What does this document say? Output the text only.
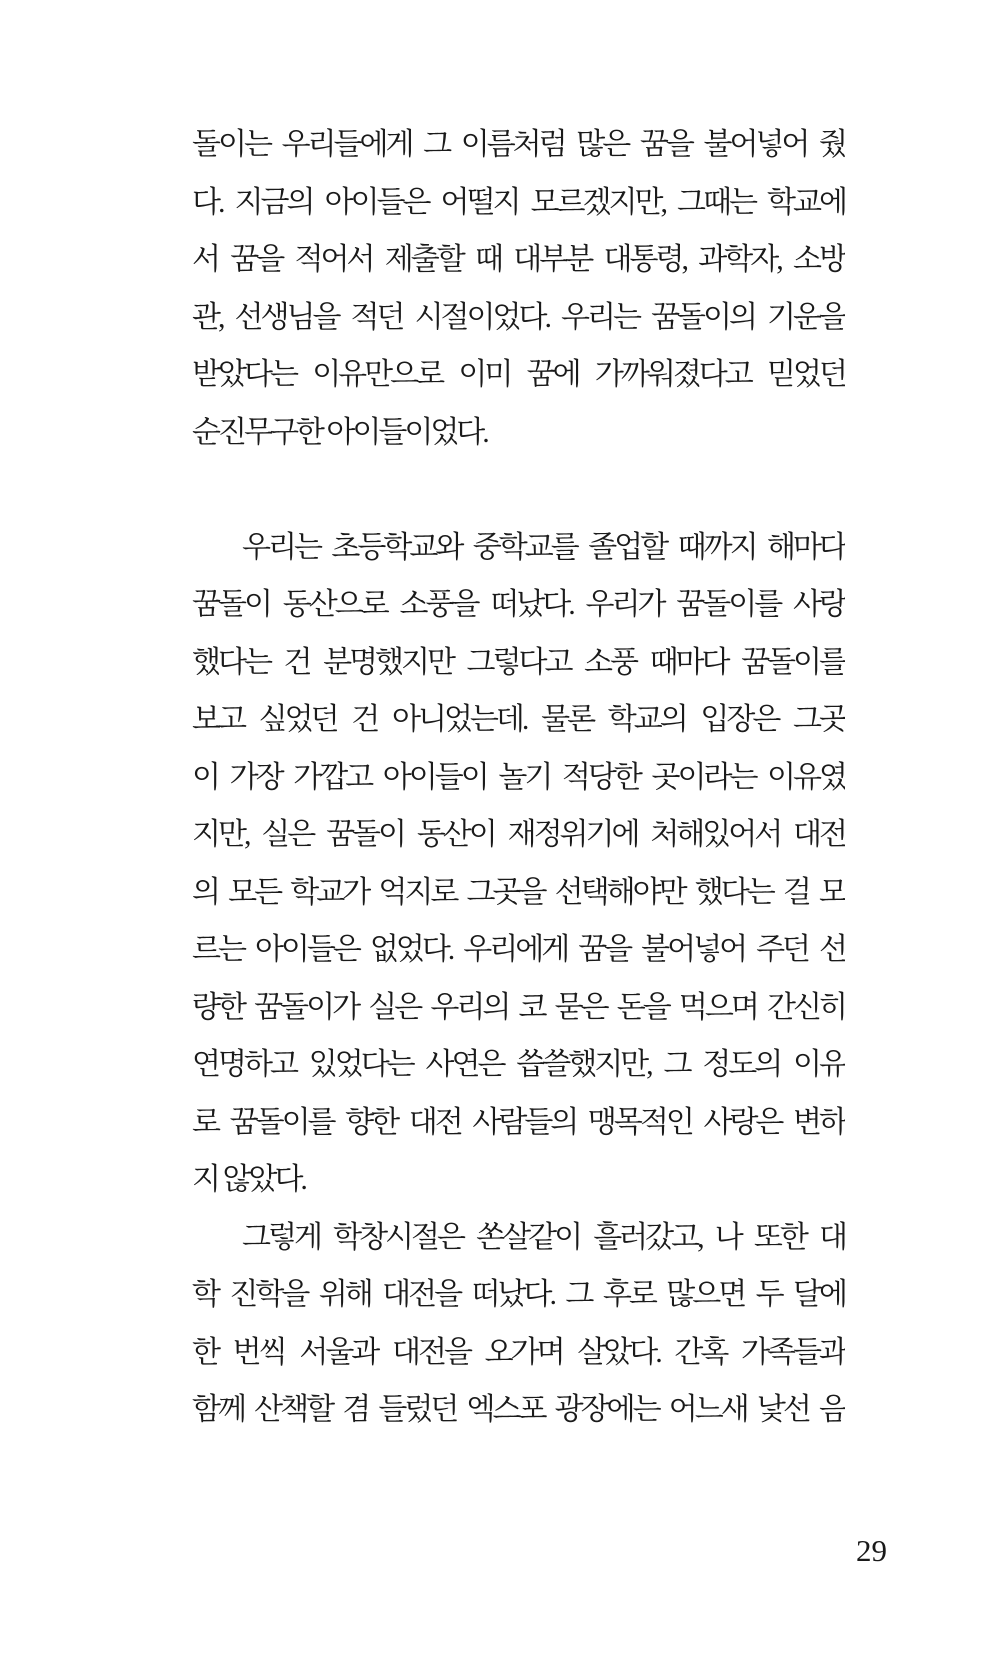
돌이는 우리들에게 그 이름처럼 많은 꿈을 불어넣어 줬
다. 지금의 아이들은 어떨지 모르겠지만, 그때는 학교에
서 꿈을 적어서 제출할 때 대부분 대통령, 과학자, 소방
관, 선생님을 적던 시절이었다. 우리는 꿈돌이의 기운을
받았다는 이유만으로 이미 꿈에 가까워졌다고 믿었던
순진무구한 아이들이었다.
우리는 초등학교와 중학교를 졸업할 때까지 해마다
꿈돌이 동산으로 소풍을 떠났다. 우리가 꿈돌이를 사랑
했다는 건 분명했지만 그렇다고 소풍 때마다 꿈돌이를
보고 싶었던 건 아니었는데. 물론 학교의 입장은 그곳
이 가장 가깝고 아이들이 놀기 적당한 곳이라는 이유였
지만, 실은 꿈돌이 동산이 재정위기에 처해있어서 대전
의 모든 학교가 억지로 그곳을 선택해야만 했다는 걸 모
르는 아이들은 없었다. 우리에게 꿈을 불어넣어 주던 선
량한 꿈돌이가 실은 우리의 코 묻은 돈을 먹으며 간신히
연명하고 있었다는 사연은 씁쓸했지만, 그 정도의 이유
로 꿈돌이를 향한 대전 사람들의 맹목적인 사랑은 변하
지 않았다.
그렇게 학창시절은 쏜살같이 흘러갔고, 나 또한 대
학 진학을 위해 대전을 떠났다. 그 후로 많으면 두 달에
한 번씩 서울과 대전을 오가며 살았다. 간혹 가족들과
함께 산책할 겸 들렀던 엑스포 광장에는 어느새 낯선 음
29
